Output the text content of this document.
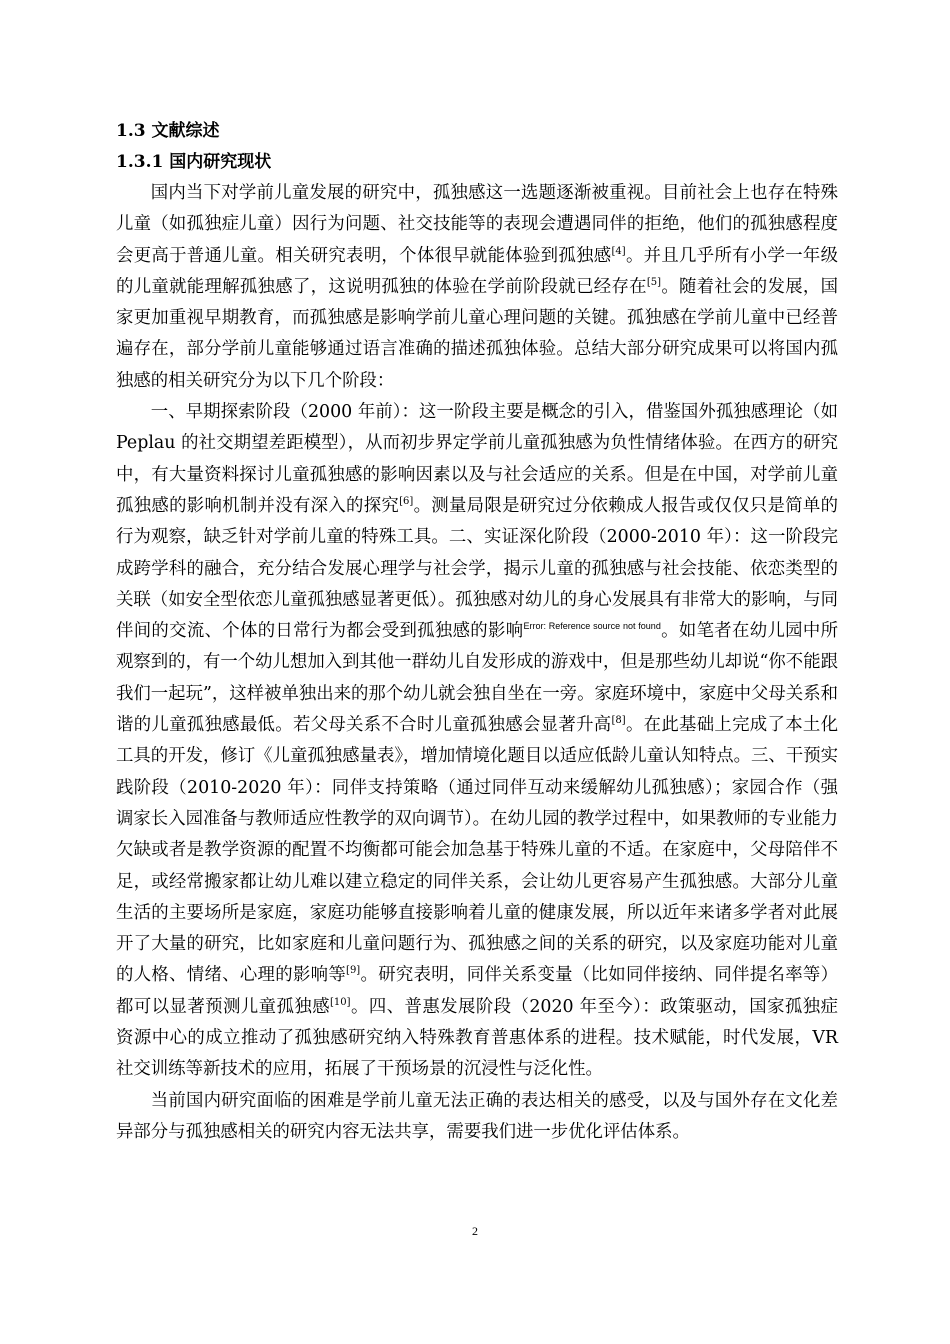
1.3 文献综述

1.3.1 国内研究现状

国内当下对学前儿童发展的研究中，孤独感这一选题逐渐被重视。目前社会上也存在特殊儿童（如孤独症儿童）因行为问题、社交技能等的表现会遭遇同伴的拒绝，他们的孤独感程度会更高于普通儿童。相关研究表明，个体很早就能体验到孤独感[4]。并且几乎所有小学一年级的儿童就能理解孤独感了，这说明孤独的体验在学前阶段就已经存在[5]。随着社会的发展，国家更加重视早期教育，而孤独感是影响学前儿童心理问题的关键。孤独感在学前儿童中已经普遍存在，部分学前儿童能够通过语言准确的描述孤独体验。总结大部分研究成果可以将国内孤独感的相关研究分为以下几个阶段：

一、早期探索阶段（2000 年前）：这一阶段主要是概念的引入，借鉴国外孤独感理论（如 Peplau 的社交期望差距模型），从而初步界定学前儿童孤独感为负性情绪体验。在西方的研究中，有大量资料探讨儿童孤独感的影响因素以及与社会适应的关系。但是在中国，对学前儿童孤独感的影响机制并没有深入的探究[6]。测量局限是研究过分依赖成人报告或仅仅只是简单的行为观察，缺乏针对学前儿童的特殊工具。二、实证深化阶段（2000-2010 年）：这一阶段完成跨学科的融合，充分结合发展心理学与社会学，揭示儿童的孤独感与社会技能、依恋类型的关联（如安全型依恋儿童孤独感显著更低）。孤独感对幼儿的身心发展具有非常大的影响，与同伴间的交流、个体的日常行为都会受到孤独感的影响$^{Error: Reference source not found}$。如笔者在幼儿园中所观察到的，有一个幼儿想加入到其他一群幼儿自发形成的游戏中，但是那些幼儿却说“你不能跟我们一起玩”，这样被单独出来的那个幼儿就会独自坐在一旁。家庭环境中，家庭中父母关系和谐的儿童孤独感最低。若父母关系不合时儿童孤独感会显著升高[8]。在此基础上完成了本土化工具的开发，修订《儿童孤独感量表》，增加情境化题目以适应低龄儿童认知特点。三、干预实践阶段（2010-2020 年）：同伴支持策略（通过同伴互动来缓解幼儿孤独感）；家园合作（强调家长入园准备与教师适应性教学的双向调节）。在幼儿园的教学过程中，如果教师的专业能力欠缺或者是教学资源的配置不均衡都可能会加急基于特殊儿童的不适。在家庭中，父母陪伴不足，或经常搬家都让幼儿难以建立稳定的同伴关系，会让幼儿更容易产生孤独感。大部分儿童生活的主要场所是家庭，家庭功能够直接影响着儿童的健康发展，所以近年来诸多学者对此展开了大量的研究，比如家庭和儿童问题行为、孤独感之间的关系的研究，以及家庭功能对儿童的人格、情绪、心理的影响等[9]。研究表明，同伴关系变量（比如同伴接纳、同伴提名率等）都可以显著预测儿童孤独感[10]。四、普惠发展阶段（2020 年至今）：政策驱动，国家孤独症资源中心的成立推动了孤独感研究纳入特殊教育普惠体系的进程。技术赋能，时代发展，VR 社交训练等新技术的应用，拓展了干预场景的沉浸性与泛化性。

当前国内研究面临的困难是学前儿童无法正确的表达相关的感受，以及与国外存在文化差异部分与孤独感相关的研究内容无法共享，需要我们进一步优化评估体系。

2
